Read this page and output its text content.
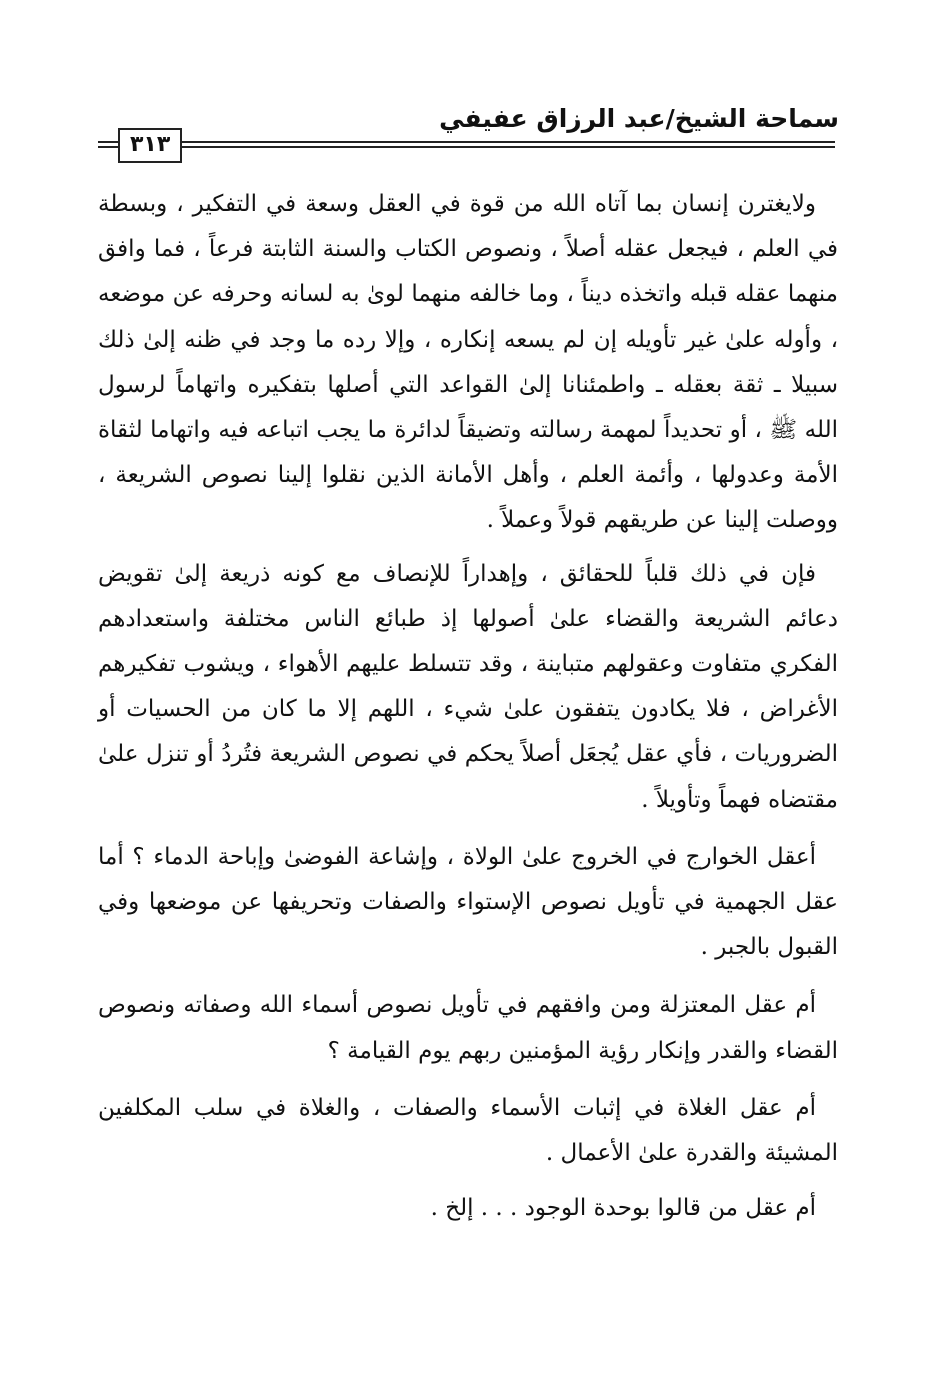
سماحة الشيخ/عبد الرزاق عفيفي
٣١٣

ولايغترن إنسان بما آتاه الله من قوة في العقل وسعة في التفكير ، وبسطة في العلم ، فيجعل عقله أصلاً ، ونصوص الكتاب والسنة الثابتة فرعاً ، فما وافق منهما عقله قبله واتخذه ديناً ، وما خالفه منهما لوىٰ به لسانه وحرفه عن موضعه ، وأوله علىٰ غير تأويله إن لم يسعه إنكاره ، وإلا رده ما وجد في ظنه إلىٰ ذلك سبيلا ـ ثقة بعقله ـ واطمئنانا إلىٰ القواعد التي أصلها بتفكيره واتهاماً لرسول الله ﷺ ، أو تحديداً لمهمة رسالته وتضيقاً لدائرة ما يجب اتباعه فيه واتهاما لثقاة الأمة وعدولها ، وأئمة العلم ، وأهل الأمانة الذين نقلوا إلينا نصوص الشريعة ، ووصلت إلينا عن طريقهم قولاً وعملاً .

فإن في ذلك قلباً للحقائق ، وإهداراً للإنصاف مع كونه ذريعة إلىٰ تقويض دعائم الشريعة والقضاء علىٰ أصولها إذ طبائع الناس مختلفة واستعدادهم الفكري متفاوت وعقولهم متباينة ، وقد تتسلط عليهم الأهواء ، ويشوب تفكيرهم الأغراض ، فلا يكادون يتفقون علىٰ شيء ، اللهم إلا ما كان من الحسيات أو الضروريات ، فأي عقل يُجعَل أصلاً يحكم في نصوص الشريعة فتُردُ أو تنزل علىٰ مقتضاه فهماً وتأويلاً .

أعقل الخوارج في الخروج علىٰ الولاة ، وإشاعة الفوضىٰ وإباحة الدماء ؟ أما عقل الجهمية في تأويل نصوص الإستواء والصفات وتحريفها عن موضعها وفي القبول بالجبر .

أم عقل المعتزلة ومن وافقهم في تأويل نصوص أسماء الله وصفاته ونصوص القضاء والقدر وإنكار رؤية المؤمنين ربهم يوم القيامة ؟

أم عقل الغلاة في إثبات الأسماء والصفات ، والغلاة في سلب المكلفين المشيئة والقدرة علىٰ الأعمال .

أم عقل من قالوا بوحدة الوجود . . . إلخ .
